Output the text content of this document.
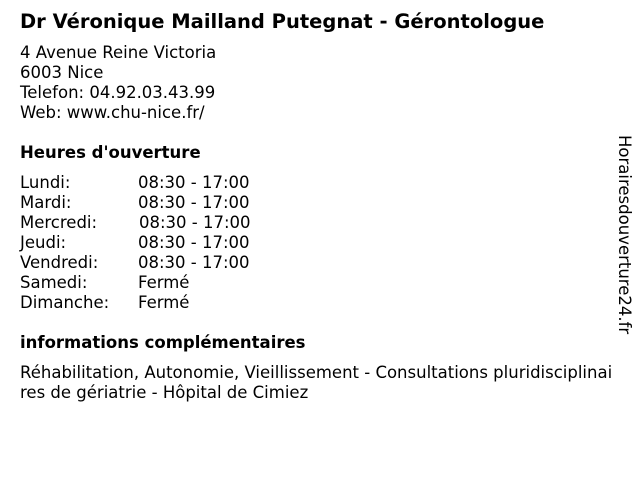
Dr Véronique Mailland Putegnat - Gérontologue
4 Avenue Reine Victoria
6003 Nice
Telefon: 04.92.03.43.99
Web: www.chu-nice.fr/
Heures d'ouverture
Lundi:	08:30 - 17:00
Mardi:	08:30 - 17:00
Mercredi:	08:30 - 17:00
Jeudi:	08:30 - 17:00
Vendredi: 08:30 - 17:00
Samedi:	Fermé
Dimanche: Fermé
informations complémentaires
Réhabilitation, Autonomie, Vieillissement - Consultations pluridisciplinaires de gériatrie - Hôpital de Cimiez
Horairesdouverture24.fr
